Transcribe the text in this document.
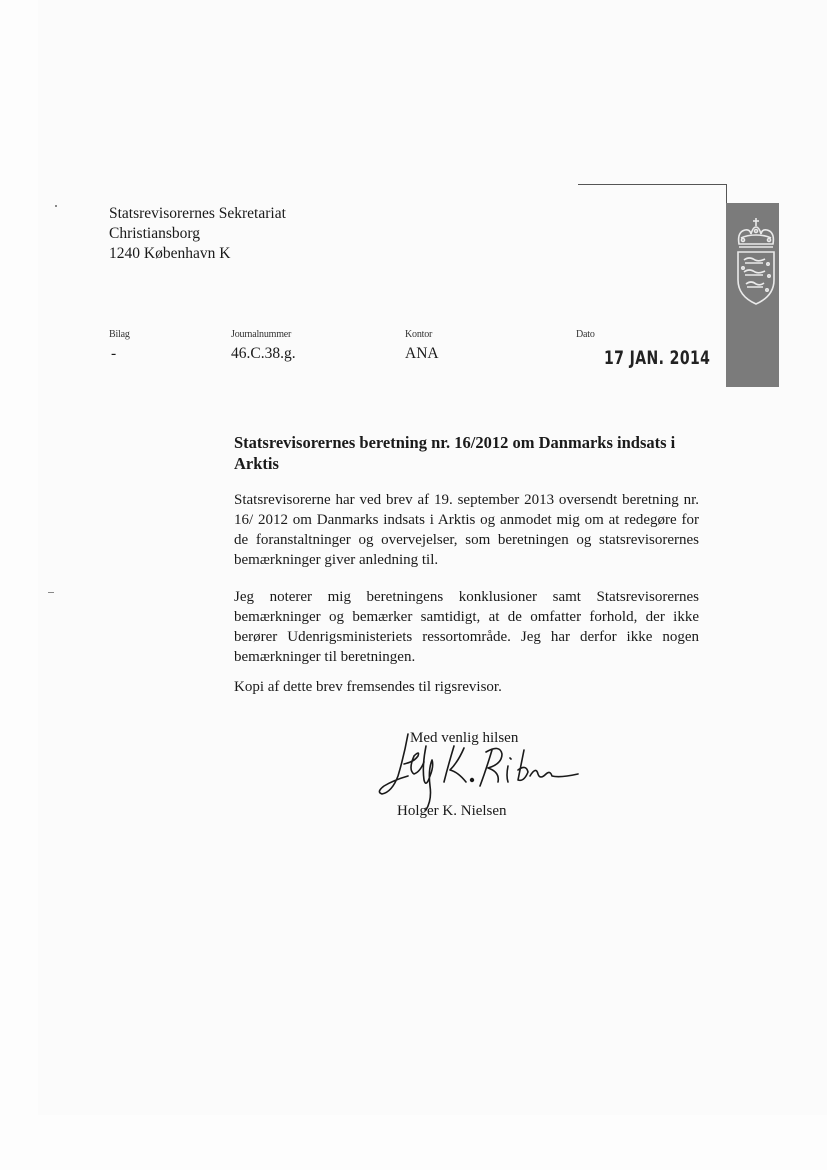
Statsrevisorernes Sekretariat
Christiansborg
1240 København K
Bilag
-
Journalnummer
46.C.38.g.
Kontor
ANA
Dato
17 JAN. 2014
Statsrevisorernes beretning nr. 16/2012 om Danmarks indsats i Arktis
Statsrevisorerne har ved brev af 19. september 2013 oversendt beretning nr. 16/ 2012 om Danmarks indsats i Arktis og anmodet mig om at redegøre for de foranstaltninger og overvejelser, som beretningen og statsrevisorernes bemærkninger giver anledning til.
Jeg noterer mig beretningens konklusioner samt Statsrevisorernes bemærkninger og bemærker samtidigt, at de omfatter forhold, der ikke berører Udenrigsministeriets ressortområde. Jeg har derfor ikke nogen bemærkninger til beretningen.
Kopi af dette brev fremsendes til rigsrevisor.
Med venlig hilsen
Holger K. Nielsen
